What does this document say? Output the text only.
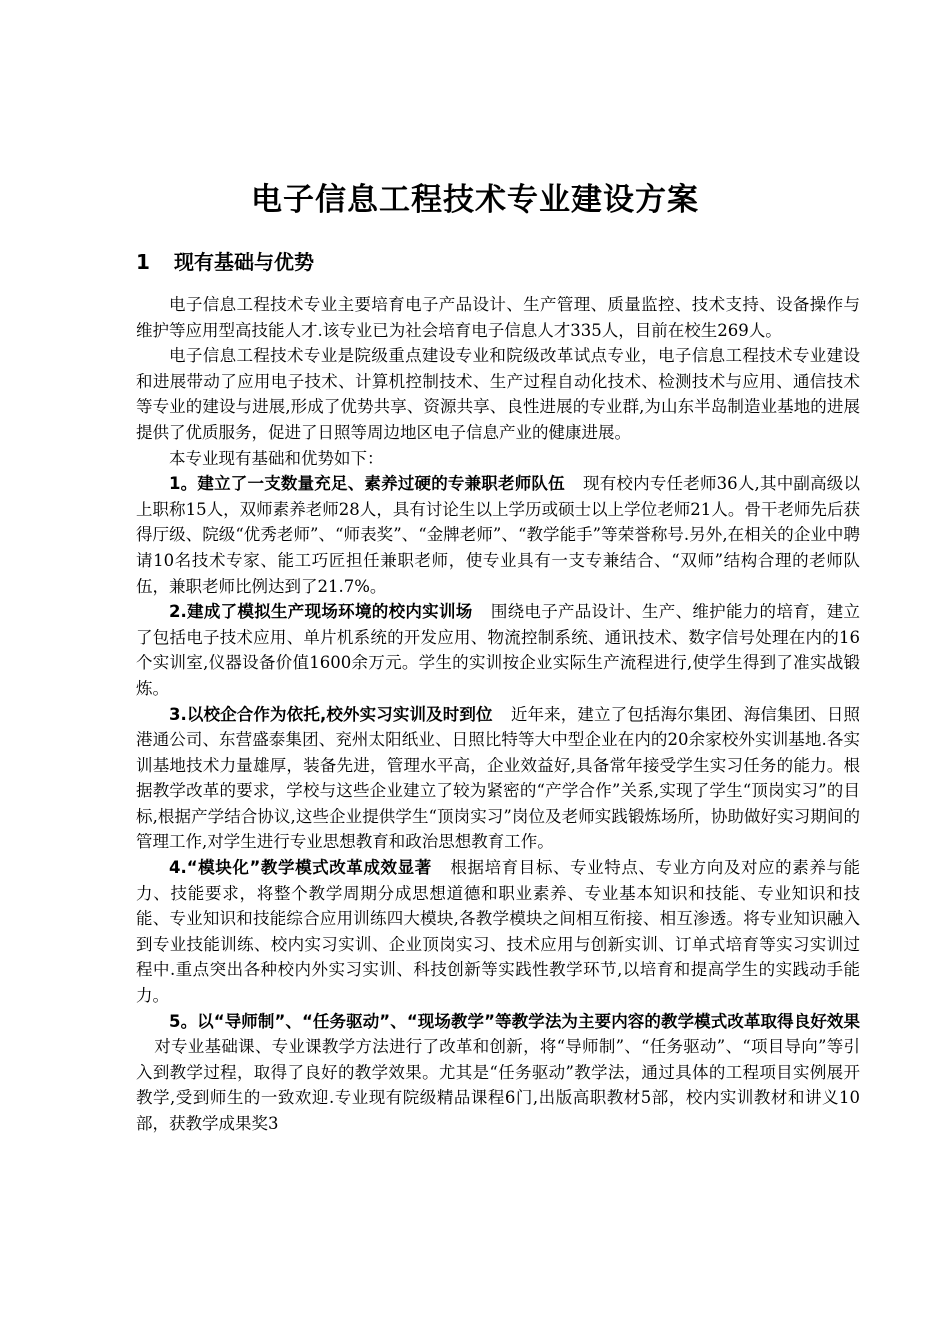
电子信息工程技术专业建设方案
1 现有基础与优势

电子信息工程技术专业主要培育电子产品设计、生产管理、质量监控、技术支持、设备操作与维护等应用型高技能人才.该专业已为社会培育电子信息人才335人，目前在校生269人。

电子信息工程技术专业是院级重点建设专业和院级改革试点专业，电子信息工程技术专业建设和进展带动了应用电子技术、计算机控制技术、生产过程自动化技术、检测技术与应用、通信技术等专业的建设与进展,形成了优势共享、资源共享、良性进展的专业群,为山东半岛制造业基地的进展提供了优质服务，促进了日照等周边地区电子信息产业的健康进展。

本专业现有基础和优势如下：

1。建立了一支数量充足、素养过硬的专兼职老师队伍 现有校内专任老师36人,其中副高级以上职称15人，双师素养老师28人，具有讨论生以上学历或硕士以上学位老师21人。骨干老师先后获得厅级、院级“优秀老师”、“师表奖”、“金牌老师”、“教学能手”等荣誉称号.另外,在相关的企业中聘请10名技术专家、能工巧匠担任兼职老师，使专业具有一支专兼结合、“双师”结构合理的老师队伍，兼职老师比例达到了21.7%。

2.建成了模拟生产现场环境的校内实训场 围绕电子产品设计、生产、维护能力的培育，建立了包括电子技术应用、单片机系统的开发应用、物流控制系统、通讯技术、数字信号处理在内的16个实训室,仪器设备价值1600余万元。学生的实训按企业实际生产流程进行,使学生得到了准实战锻炼。

3.以校企合作为依托,校外实习实训及时到位 近年来，建立了包括海尔集团、海信集团、日照港通公司、东营盛泰集团、兖州太阳纸业、日照比特等大中型企业在内的20余家校外实训基地.各实训基地技术力量雄厚，装备先进，管理水平高，企业效益好,具备常年接受学生实习任务的能力。根据教学改革的要求，学校与这些企业建立了较为紧密的“产学合作”关系,实现了学生“顶岗实习”的目标,根据产学结合协议,这些企业提供学生“顶岗实习”岗位及老师实践锻炼场所，协助做好实习期间的管理工作,对学生进行专业思想教育和政治思想教育工作。

4.“模块化”教学模式改革成效显著 根据培育目标、专业特点、专业方向及对应的素养与能力、技能要求，将整个教学周期分成思想道德和职业素养、专业基本知识和技能、专业知识和技能、专业知识和技能综合应用训练四大模块,各教学模块之间相互衔接、相互渗透。将专业知识融入到专业技能训练、校内实习实训、企业顶岗实习、技术应用与创新实训、订单式培育等实习实训过程中.重点突出各种校内外实习实训、科技创新等实践性教学环节,以培育和提高学生的实践动手能力。

5。以“导师制”、“任务驱动”、“现场教学”等教学法为主要内容的教学模式改革取得良好效果对专业基础课、专业课教学方法进行了改革和创新，将“导师制”、“任务驱动”、“项目导向”等引入到教学过程，取得了良好的教学效果。尤其是“任务驱动”教学法，通过具体的工程项目实例展开教学,受到师生的一致欢迎.专业现有院级精品课程6门,出版高职教材5部，校内实训教材和讲义10部，获教学成果奖3
